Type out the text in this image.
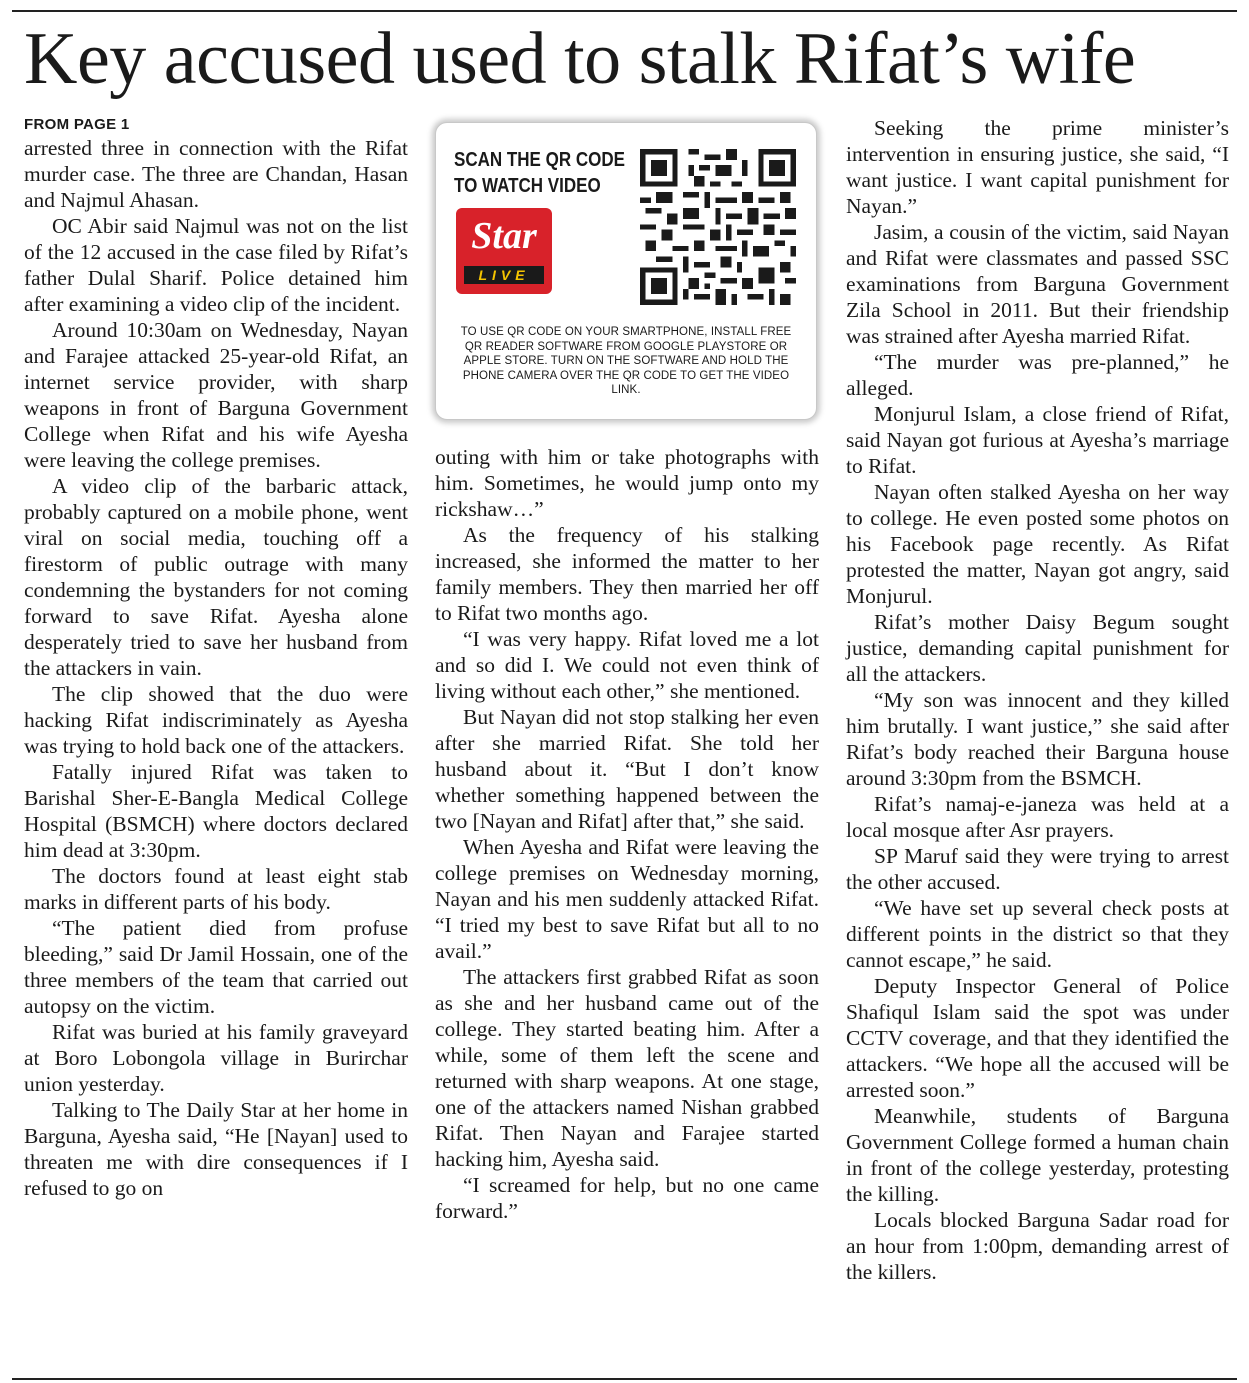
Key accused used to stalk Rifat’s wife
FROM PAGE 1

arrested three in connection with the Rifat murder case. The three are Chandan, Hasan and Najmul Ahasan.

OC Abir said Najmul was not on the list of the 12 accused in the case filed by Rifat’s father Dulal Sharif. Police detained him after examining a video clip of the incident.

Around 10:30am on Wednesday, Nayan and Farajee attacked 25-year-old Rifat, an internet service provider, with sharp weapons in front of Barguna Government College when Rifat and his wife Ayesha were leaving the college premises.

A video clip of the barbaric attack, probably captured on a mobile phone, went viral on social media, touching off a firestorm of public outrage with many condemning the bystanders for not coming forward to save Rifat. Ayesha alone desperately tried to save her husband from the attackers in vain.

The clip showed that the duo were hacking Rifat indiscriminately as Ayesha was trying to hold back one of the attackers.

Fatally injured Rifat was taken to Barishal Sher-E-Bangla Medical College Hospital (BSMCH) where doctors declared him dead at 3:30pm.

The doctors found at least eight stab marks in different parts of his body.

“The patient died from profuse bleeding,” said Dr Jamil Hossain, one of the three members of the team that carried out autopsy on the victim.

Rifat was buried at his family graveyard at Boro Lobongola village in Burirchar union yesterday.

Talking to The Daily Star at her home in Barguna, Ayesha said, “He [Nayan] used to threaten me with dire consequences if I refused to go on

SCAN THE QR CODE
TO WATCH VIDEO
Star
LIVE
TO USE QR CODE ON YOUR SMARTPHONE, INSTALL FREE QR READER SOFTWARE FROM GOOGLE PLAYSTORE OR APPLE STORE. TURN ON THE SOFTWARE AND HOLD THE PHONE CAMERA OVER THE QR CODE TO GET THE VIDEO LINK.

outing with him or take photographs with him. Sometimes, he would jump onto my rickshaw…”

As the frequency of his stalking increased, she informed the matter to her family members. They then married her off to Rifat two months ago.

“I was very happy. Rifat loved me a lot and so did I. We could not even think of living without each other,” she mentioned.

But Nayan did not stop stalking her even after she married Rifat. She told her husband about it. “But I don’t know whether something happened between the two [Nayan and Rifat] after that,” she said.

When Ayesha and Rifat were leaving the college premises on Wednesday morning, Nayan and his men suddenly attacked Rifat. “I tried my best to save Rifat but all to no avail.”

The attackers first grabbed Rifat as soon as she and her husband came out of the college. They started beating him. After a while, some of them left the scene and returned with sharp weapons. At one stage, one of the attackers named Nishan grabbed Rifat. Then Nayan and Farajee started hacking him, Ayesha said.

“I screamed for help, but no one came forward.”

Seeking the prime minister’s intervention in ensuring justice, she said, “I want justice. I want capital punishment for Nayan.”

Jasim, a cousin of the victim, said Nayan and Rifat were classmates and passed SSC examinations from Barguna Government Zila School in 2011. But their friendship was strained after Ayesha married Rifat.

“The murder was pre-planned,” he alleged.

Monjurul Islam, a close friend of Rifat, said Nayan got furious at Ayesha’s marriage to Rifat.

Nayan often stalked Ayesha on her way to college. He even posted some photos on his Facebook page recently. As Rifat protested the matter, Nayan got angry, said Monjurul.

Rifat’s mother Daisy Begum sought justice, demanding capital punishment for all the attackers.

“My son was innocent and they killed him brutally. I want justice,” she said after Rifat’s body reached their Barguna house around 3:30pm from the BSMCH.

Rifat’s namaj-e-janeza was held at a local mosque after Asr prayers.

SP Maruf said they were trying to arrest the other accused.

“We have set up several check posts at different points in the district so that they cannot escape,” he said.

Deputy Inspector General of Police Shafiqul Islam said the spot was under CCTV coverage, and that they identified the attackers. “We hope all the accused will be arrested soon.”

Meanwhile, students of Barguna Government College formed a human chain in front of the college yesterday, protesting the killing.

Locals blocked Barguna Sadar road for an hour from 1:00pm, demanding arrest of the killers.
